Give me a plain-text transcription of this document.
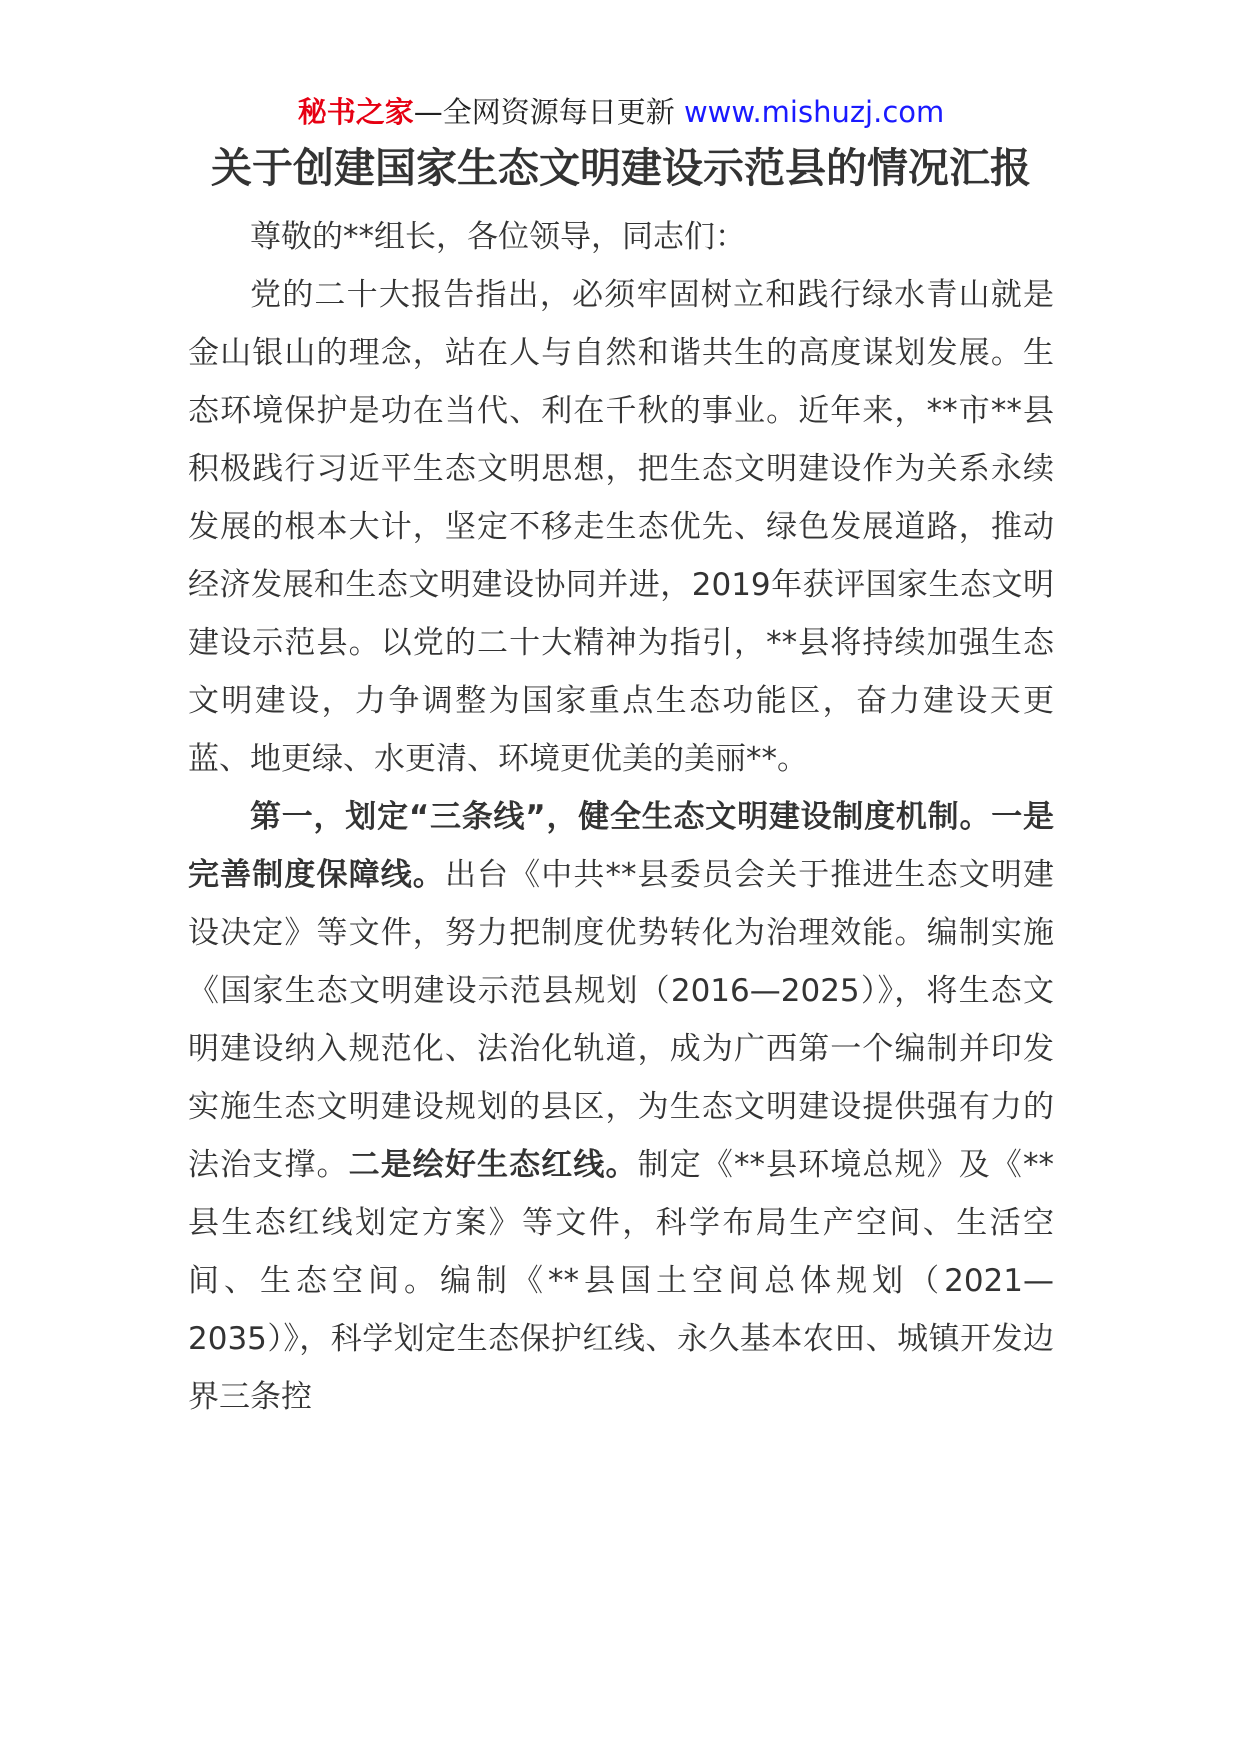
秘书之家—全网资源每日更新 www.mishuzj.com

关于创建国家生态文明建设示范县的情况汇报

尊敬的**组长，各位领导，同志们：

党的二十大报告指出，必须牢固树立和践行绿水青山就是金山银山的理念，站在人与自然和谐共生的高度谋划发展。生态环境保护是功在当代、利在千秋的事业。近年来，**市**县积极践行习近平生态文明思想，把生态文明建设作为关系永续发展的根本大计，坚定不移走生态优先、绿色发展道路，推动经济发展和生态文明建设协同并进，2019年获评国家生态文明建设示范县。以党的二十大精神为指引，**县将持续加强生态文明建设，力争调整为国家重点生态功能区，奋力建设天更蓝、地更绿、水更清、环境更优美的美丽**。

第一，划定“三条线”，健全生态文明建设制度机制。一是完善制度保障线。出台《中共**县委员会关于推进生态文明建设决定》等文件，努力把制度优势转化为治理效能。编制实施《国家生态文明建设示范县规划（2016—2025）》，将生态文明建设纳入规范化、法治化轨道，成为广西第一个编制并印发实施生态文明建设规划的县区，为生态文明建设提供强有力的法治支撑。二是绘好生态红线。制定《**县环境总规》及《**县生态红线划定方案》等文件，科学布局生产空间、生活空间、生态空间。编制《**县国土空间总体规划（2021—2035）》，科学划定生态保护红线、永久基本农田、城镇开发边界三条控
